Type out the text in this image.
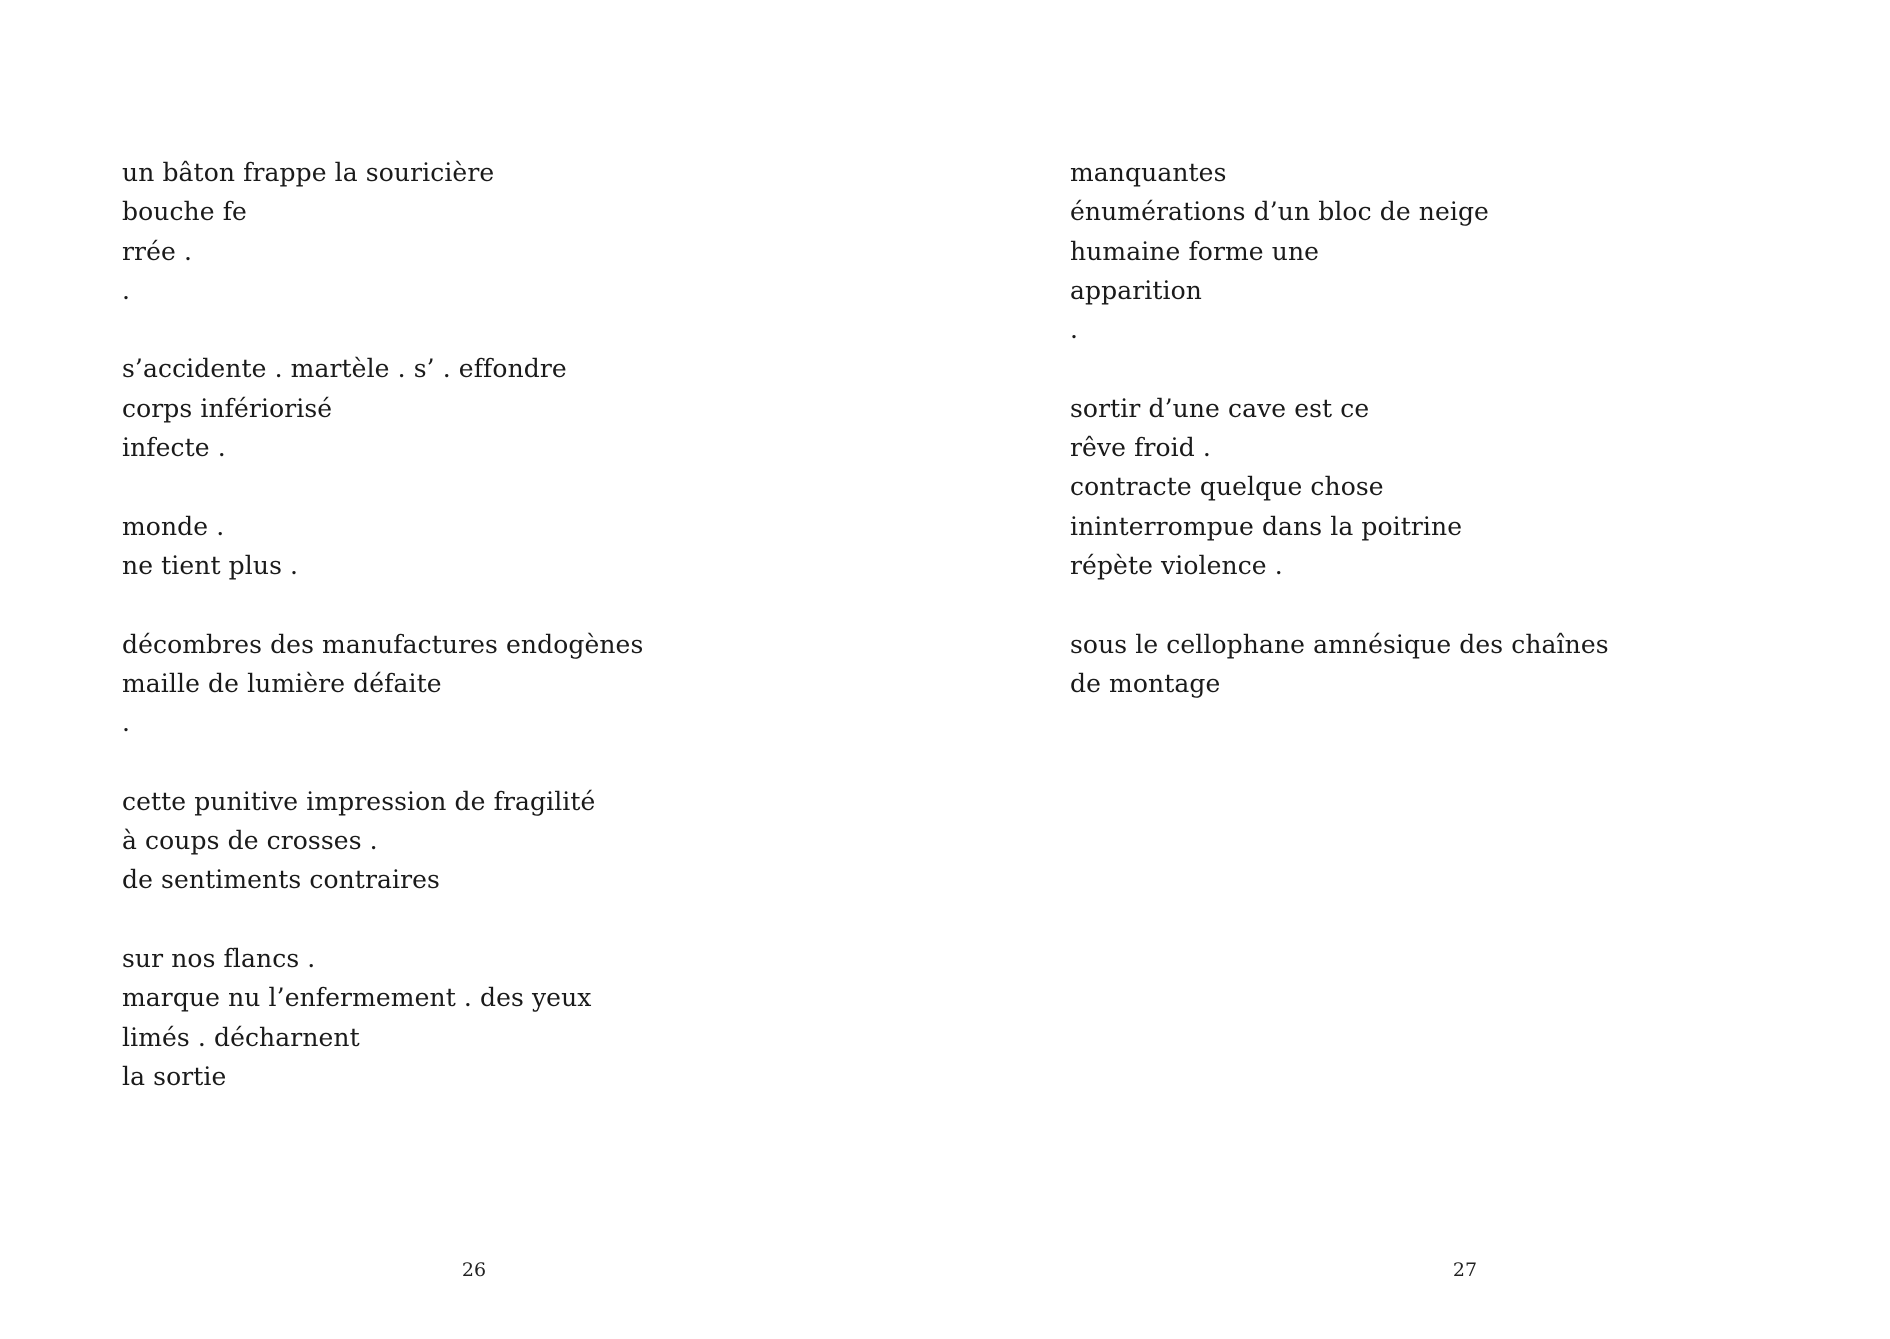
un bâton frappe la souricière
bouche fe
rrée .
.
s’accidente . martèle . s’ . effondre
corps infériorisé
infecte .
monde .
ne tient plus .
décombres des manufactures endogènes
maille de lumière défaite
.
cette punitive impression de fragilité
à coups de crosses .
de sentiments contraires
sur nos flancs .
marque nu l’enfermement . des yeux
limés . décharnent
la sortie
26
manquantes
énumérations d’un bloc de neige
humaine forme une
apparition
.
sortir d’une cave est ce
rêve froid .
contracte quelque chose
ininterrompue dans la poitrine
répète violence .
sous le cellophane amnésique des chaînes
de montage
27
